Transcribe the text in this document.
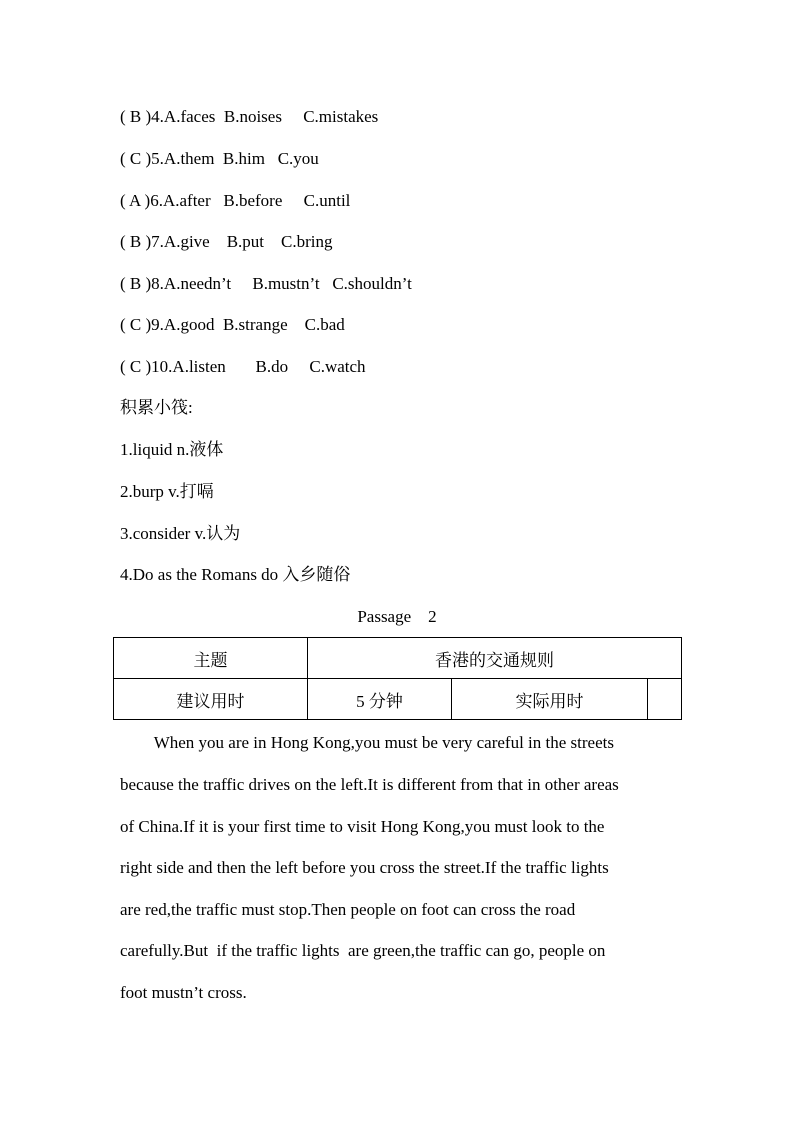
( B )4.A.faces  B.noises     C.mistakes
( C )5.A.them  B.him   C.you
( A )6.A.after   B.before     C.until
( B )7.A.give    B.put    C.bring
( B )8.A.needn’t     B.mustn’t   C.shouldn’t
( C )9.A.good  B.strange    C.bad
( C )10.A.listen       B.do     C.watch
积累小筏:
1.liquid n.液体
2.burp v.打嗝
3.consider v.认为
4.Do as the Romans do 入乡随俗
Passage    2
主题	香港的交通规则		
建议用时	5 分钟	实际用时	
When you are in Hong Kong,you must be very careful in the streets
because the traffic drives on the left.It is different from that in other areas
of China.If it is your first time to visit Hong Kong,you must look to the
right side and then the left before you cross the street.If the traffic lights
are red,the traffic must stop.Then people on foot can cross the road
carefully.But  if the traffic lights  are green,the traffic can go, people on
foot mustn’t cross.
